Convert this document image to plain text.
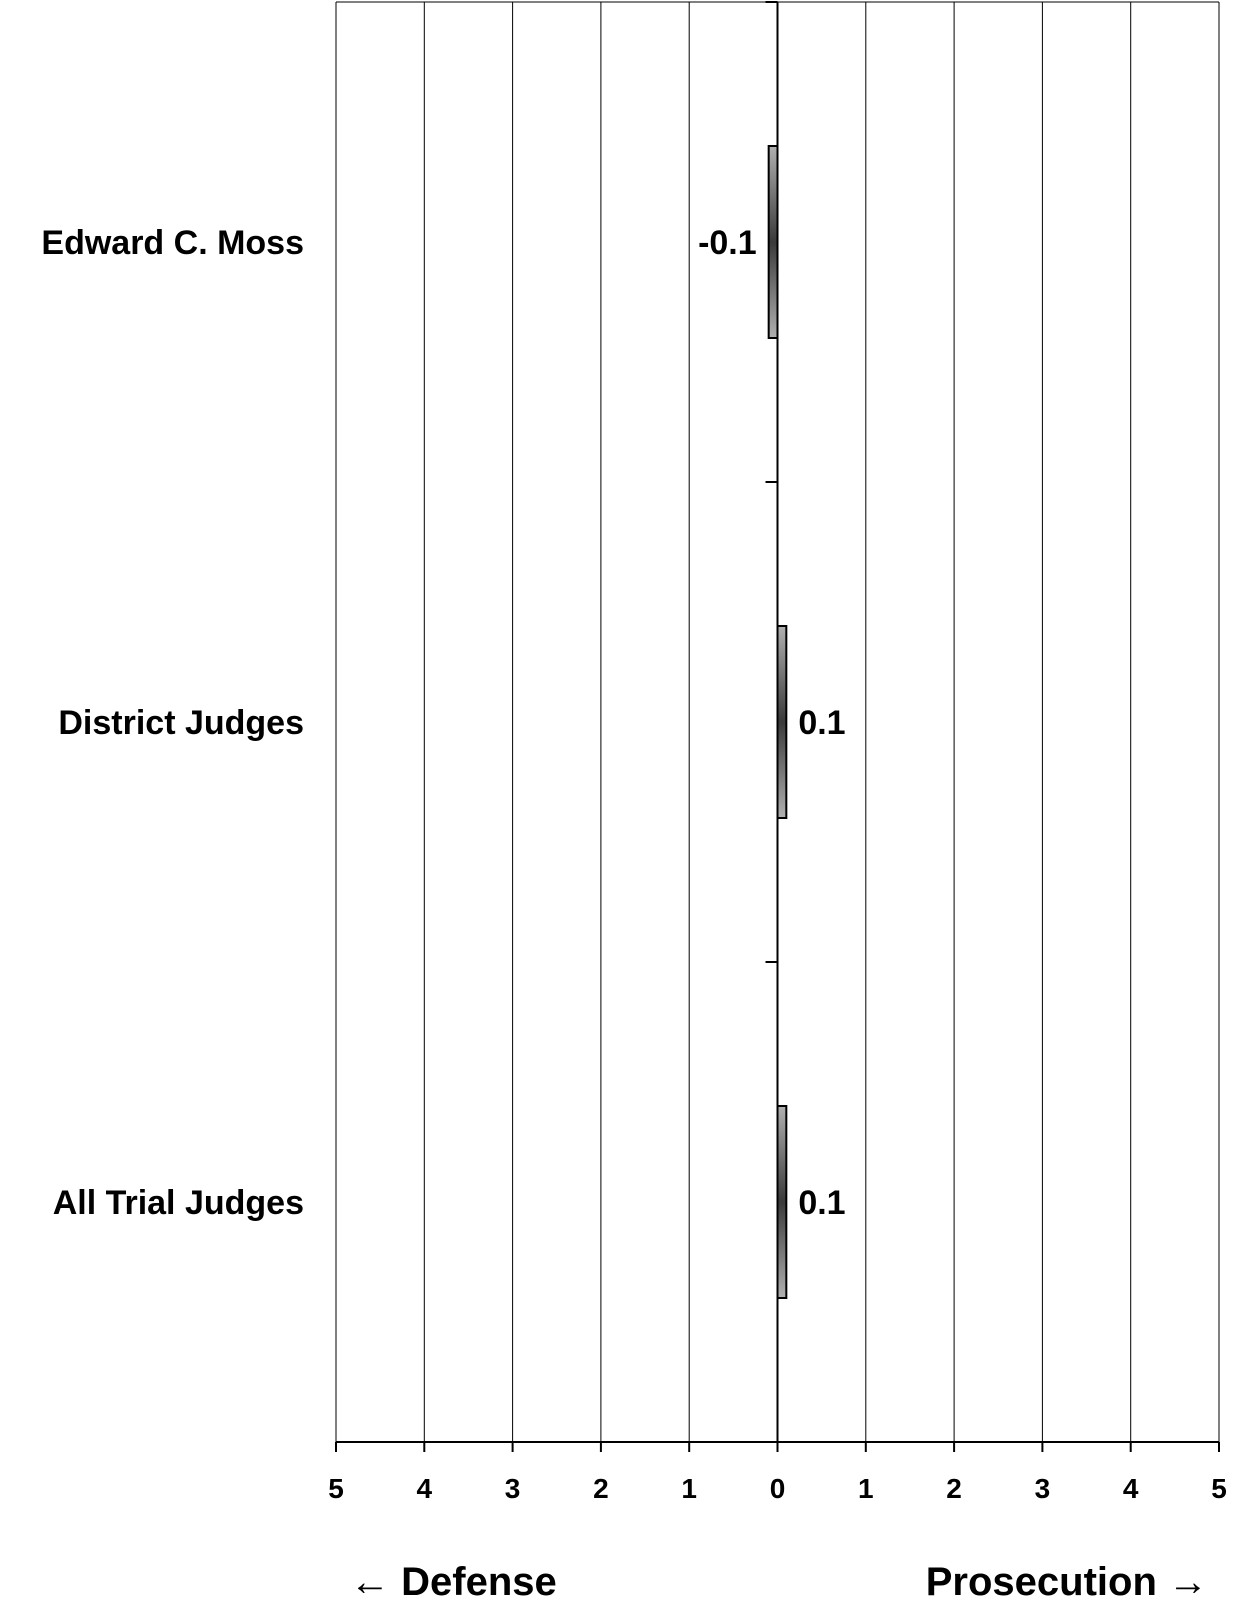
5	4	3	2	1	0	1	2	3	4	5
-0.1
Edward C. Moss
0.1
District Judges
0.1
All Trial Judges
← Defense	Prosecution →
